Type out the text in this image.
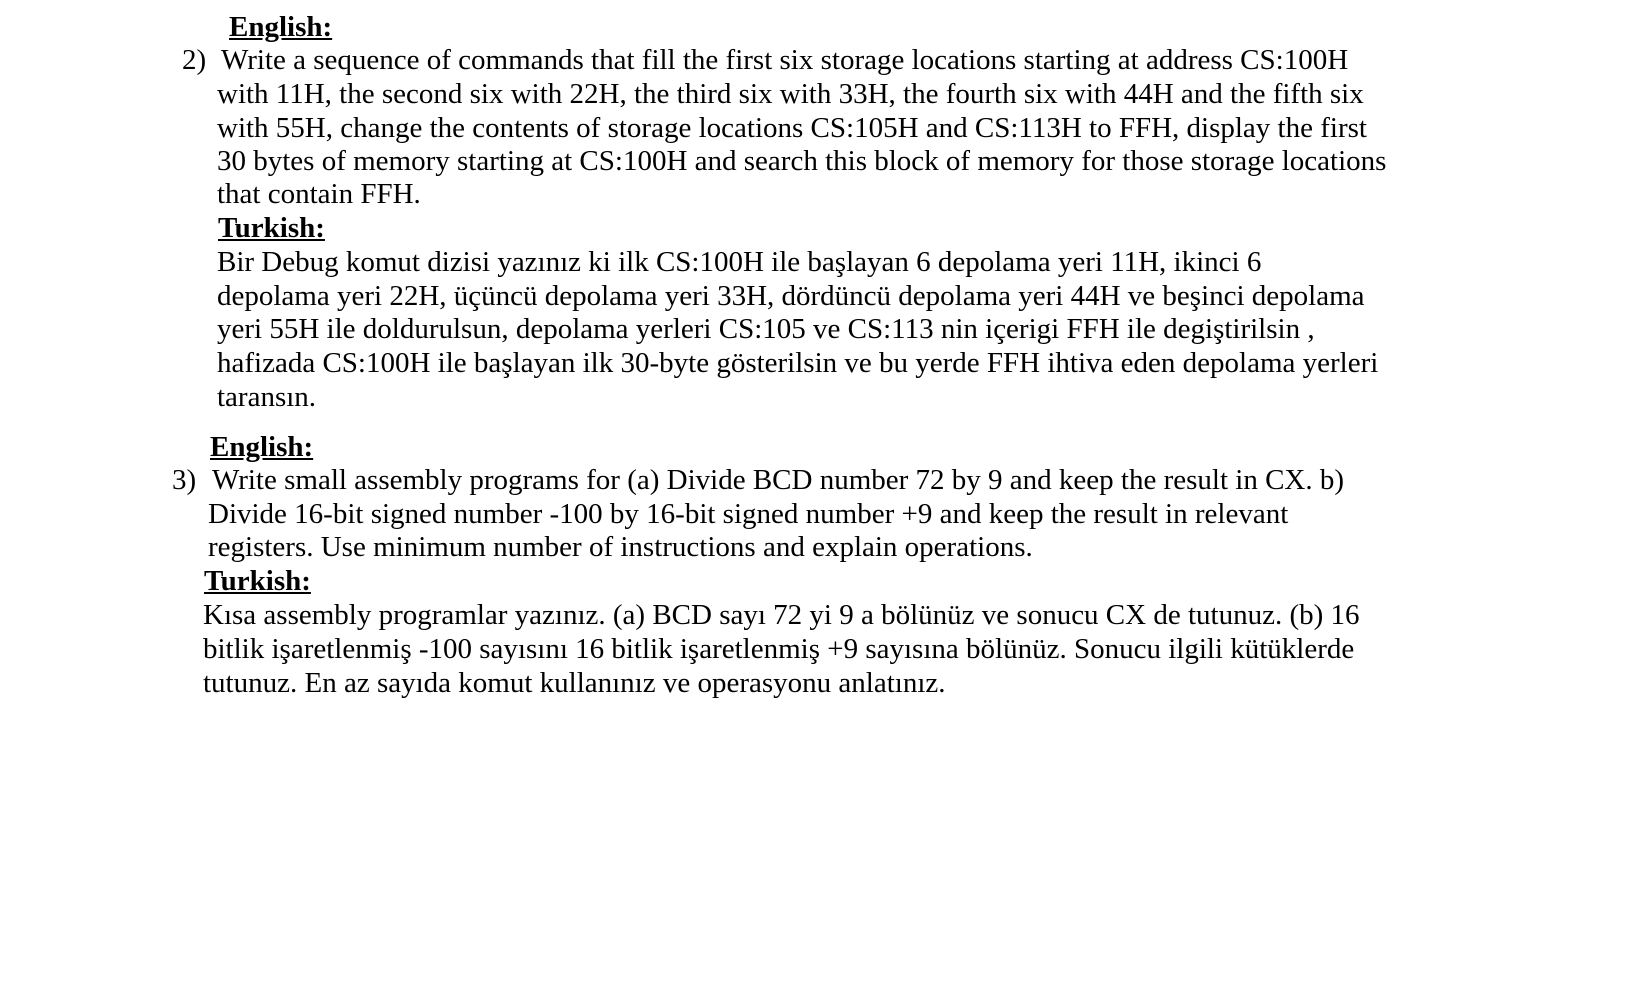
English:
2) Write a sequence of commands that fill the first six storage locations starting at address CS:100H
with 11H, the second six with 22H, the third six with 33H, the fourth six with 44H and the fifth six
with 55H, change the contents of storage locations CS:105H and CS:113H to FFH, display the first
30 bytes of memory starting at CS:100H and search this block of memory for those storage locations
that contain FFH.
Turkish:
Bir Debug komut dizisi yazınız ki ilk CS:100H ile başlayan 6 depolama yeri 11H, ikinci 6
depolama yeri 22H, üçüncü depolama yeri 33H, dördüncü depolama yeri 44H ve beşinci depolama
yeri 55H ile doldurulsun, depolama yerleri CS:105 ve CS:113 nin içerigi FFH ile degiştirilsin ,
hafizada CS:100H ile başlayan ilk 30-byte gösterilsin ve bu yerde FFH ihtiva eden depolama yerleri
taransın.
English:
3) Write small assembly programs for (a) Divide BCD number 72 by 9 and keep the result in CX. b)
Divide 16-bit signed number -100 by 16-bit signed number +9 and keep the result in relevant
registers. Use minimum number of instructions and explain operations.
Turkish:
Kısa assembly programlar yazınız. (a) BCD sayı 72 yi 9 a bölünüz ve sonucu CX de tutunuz. (b) 16
bitlik işaretlenmiş -100 sayısını 16 bitlik işaretlenmiş +9 sayısına bölünüz. Sonucu ilgili kütüklerde
tutunuz. En az sayıda komut kullanınız ve operasyonu anlatınız.
